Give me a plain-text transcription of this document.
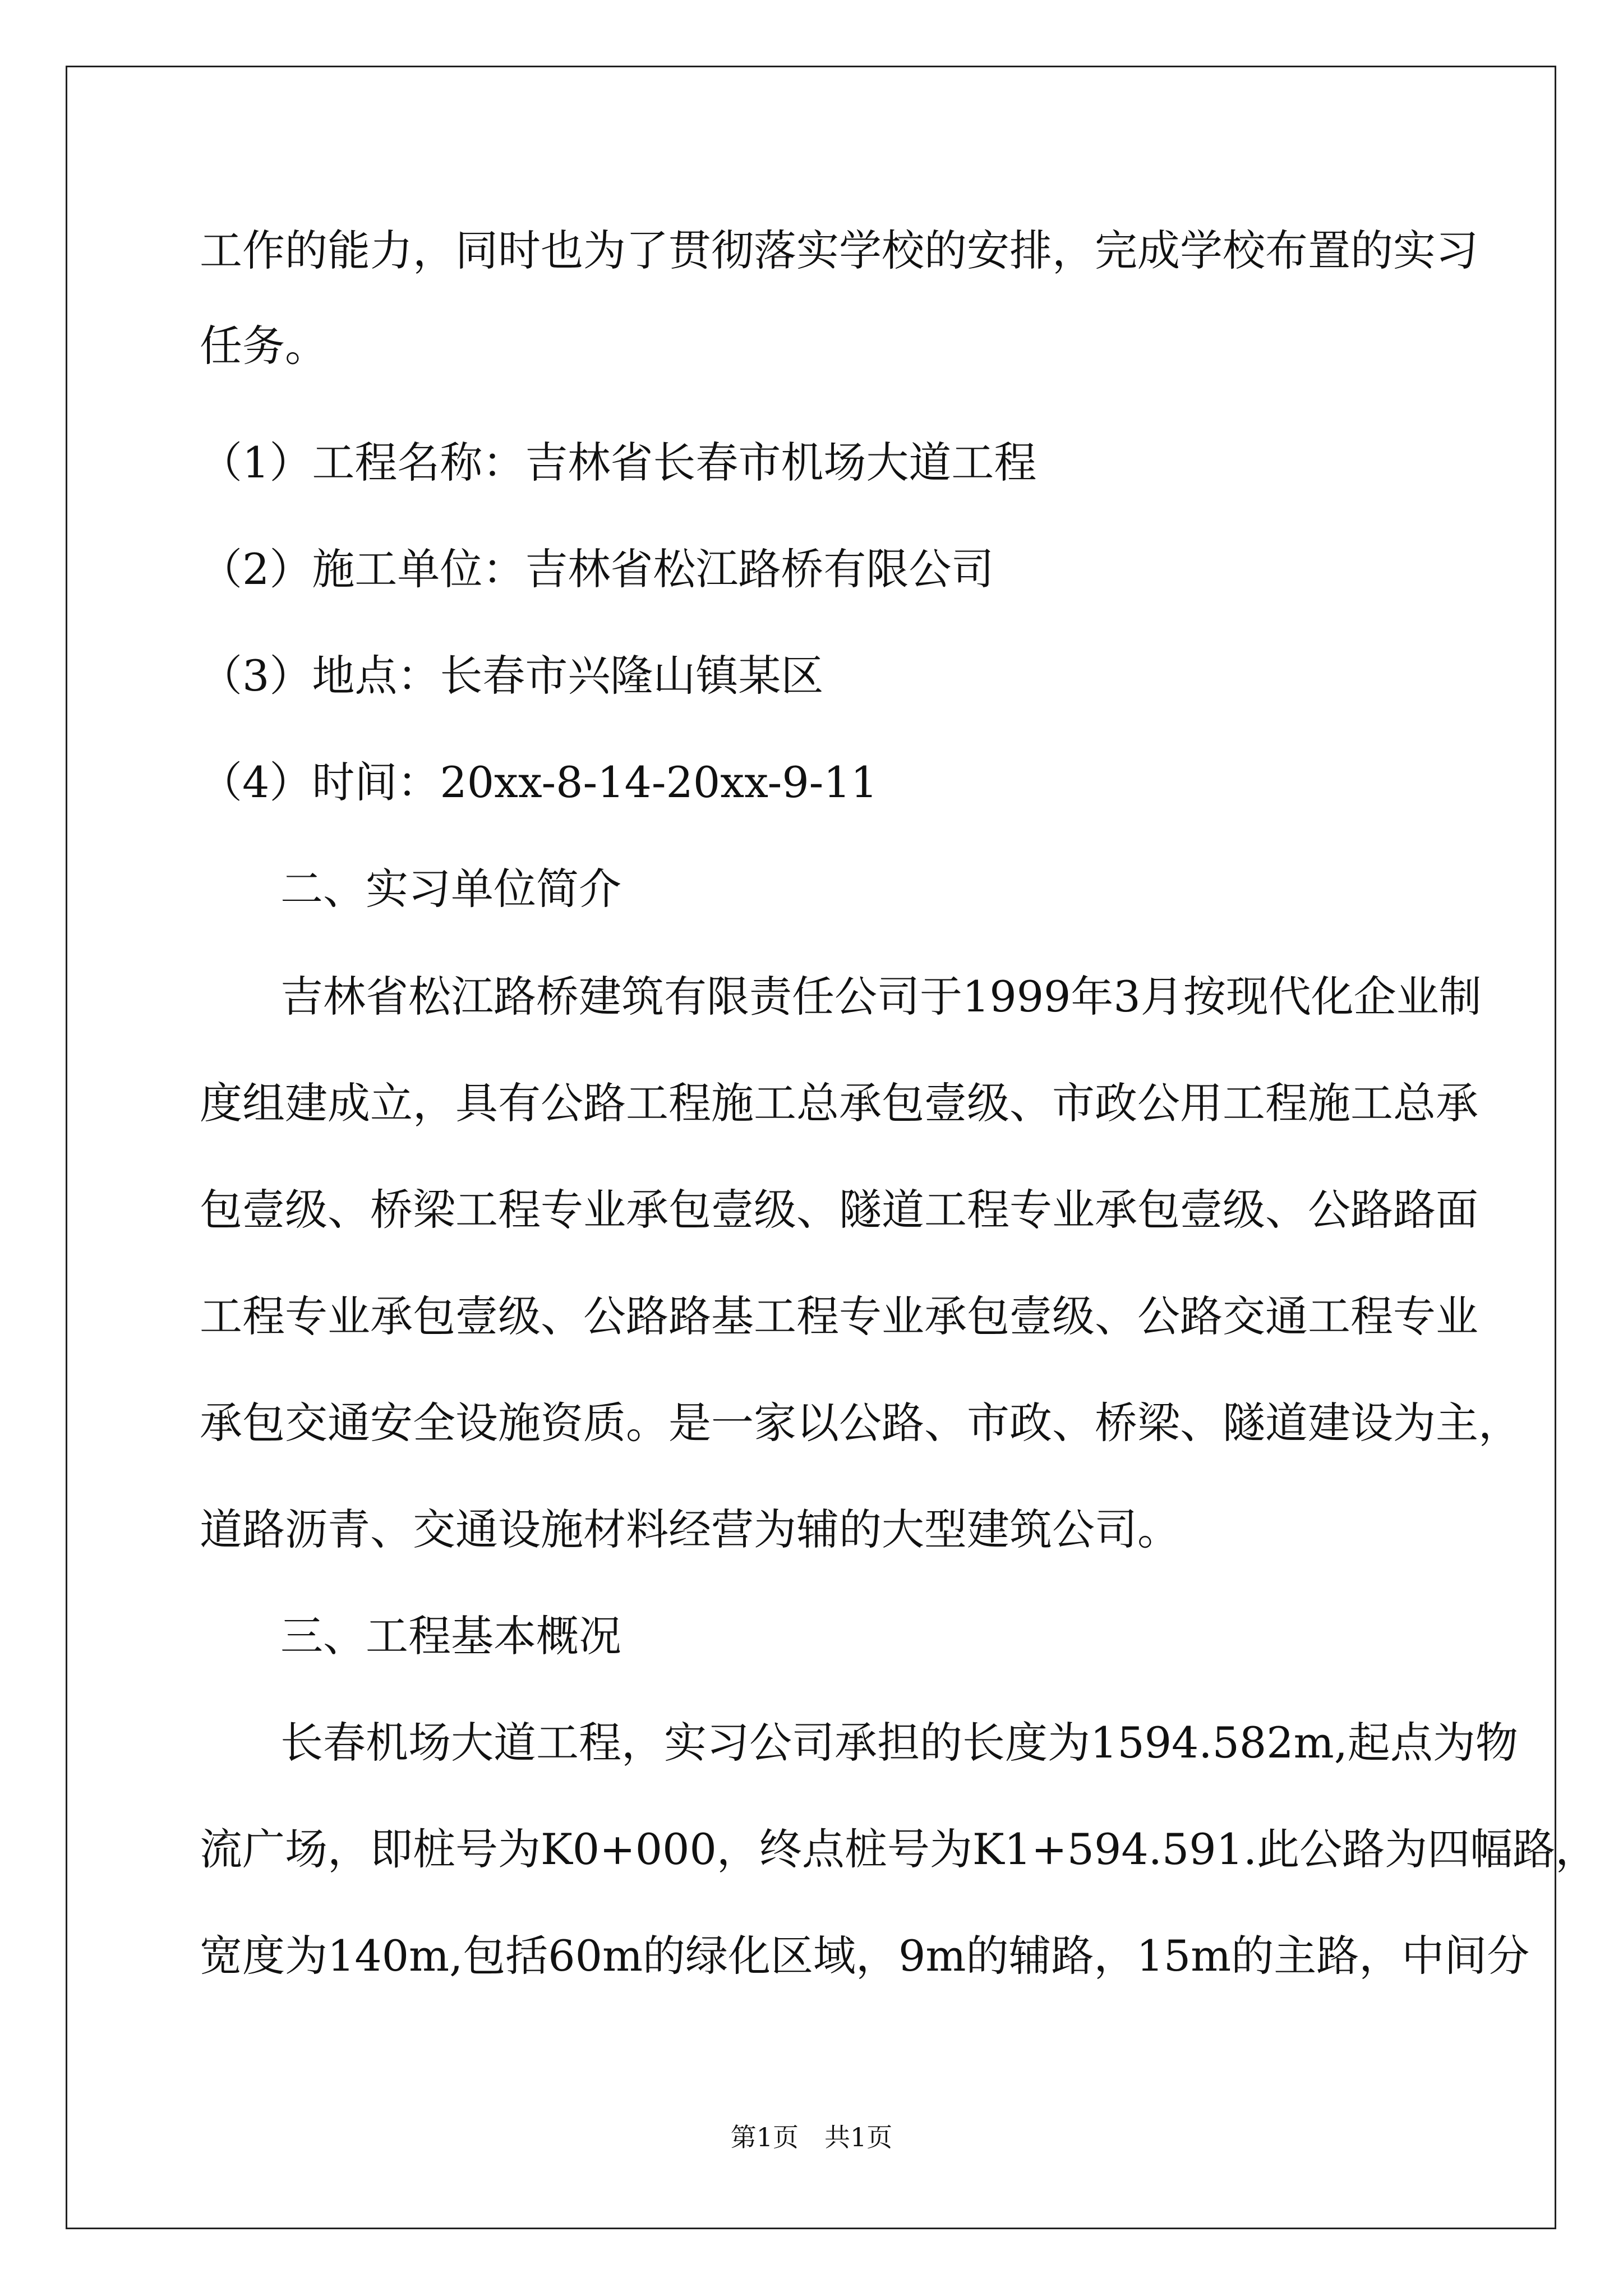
工作的能力，同时也为了贯彻落实学校的安排，完成学校布置的实习
任务。
（1）工程名称：吉林省长春市机场大道工程
（2）施工单位：吉林省松江路桥有限公司
（3）地点：长春市兴隆山镇某区
（4）时间：20xx-8-14-20xx-9-11
二、实习单位简介
吉林省松江路桥建筑有限责任公司于1999年3月按现代化企业制
度组建成立，具有公路工程施工总承包壹级、市政公用工程施工总承
包壹级、桥梁工程专业承包壹级、隧道工程专业承包壹级、公路路面
工程专业承包壹级、公路路基工程专业承包壹级、公路交通工程专业
承包交通安全设施资质。是一家以公路、市政、桥梁、隧道建设为主，
道路沥青、交通设施材料经营为辅的大型建筑公司。
三、工程基本概况
长春机场大道工程，实习公司承担的长度为1594.582m,起点为物
流广场，即桩号为K0+000，终点桩号为K1+594.591.此公路为四幅路，
宽度为140m,包括60m的绿化区域，9m的辅路，15m的主路，中间分
第1页　共1页
